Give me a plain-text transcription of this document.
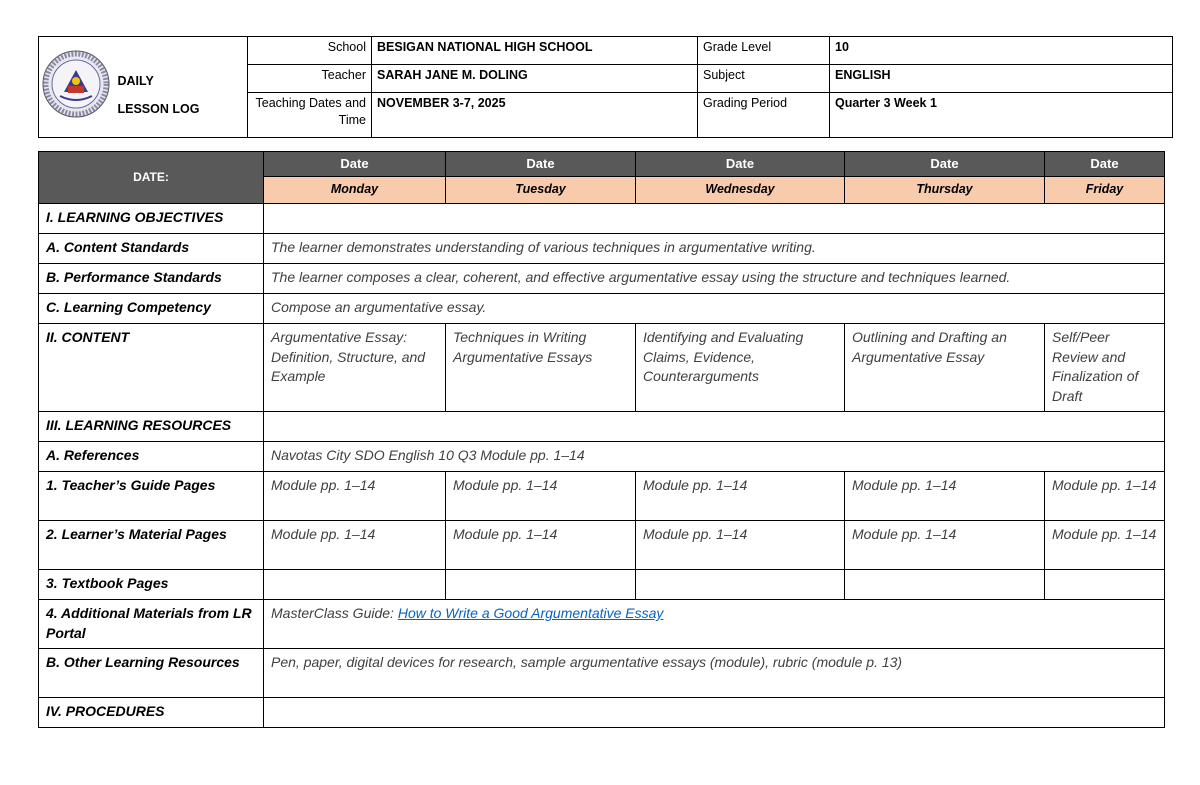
DAILY
LESSON LOG	School	BESIGAN NATIONAL HIGH SCHOOL	Grade Level	10
		Teacher	SARAH JANE M. DOLING	Subject	ENGLISH
		Teaching Dates and Time	NOVEMBER 3-7, 2025	Grading Period	Quarter 3 Week 1
DATE:	Date	Date	Date	Date	Date
	Monday	Tuesday	Wednesday	Thursday	Friday
I. LEARNING OBJECTIVES					
A. Content Standards	The learner demonstrates understanding of various techniques in argumentative writing.				
B. Performance Standards	The learner composes a clear, coherent, and effective argumentative essay using the structure and techniques learned.				
C. Learning Competency	Compose an argumentative essay.				
II. CONTENT	Argumentative Essay: Definition, Structure, and Example	Techniques in Writing Argumentative Essays	Identifying and Evaluating Claims, Evidence, Counterarguments	Outlining and Drafting an Argumentative Essay	Self/Peer Review and Finalization of Draft
III. LEARNING RESOURCES					
A. References	Navotas City SDO English 10 Q3 Module pp. 1–14				
1. Teacher’s Guide Pages	Module pp. 1–14	Module pp. 1–14	Module pp. 1–14	Module pp. 1–14	Module pp. 1–14
2. Learner’s Material Pages	Module pp. 1–14	Module pp. 1–14	Module pp. 1–14	Module pp. 1–14	Module pp. 1–14
3. Textbook Pages					
4. Additional Materials from LR Portal	MasterClass Guide: How to Write a Good Argumentative Essay				
B. Other Learning Resources	Pen, paper, digital devices for research, sample argumentative essays (module), rubric (module p. 13)				
IV. PROCEDURES					
